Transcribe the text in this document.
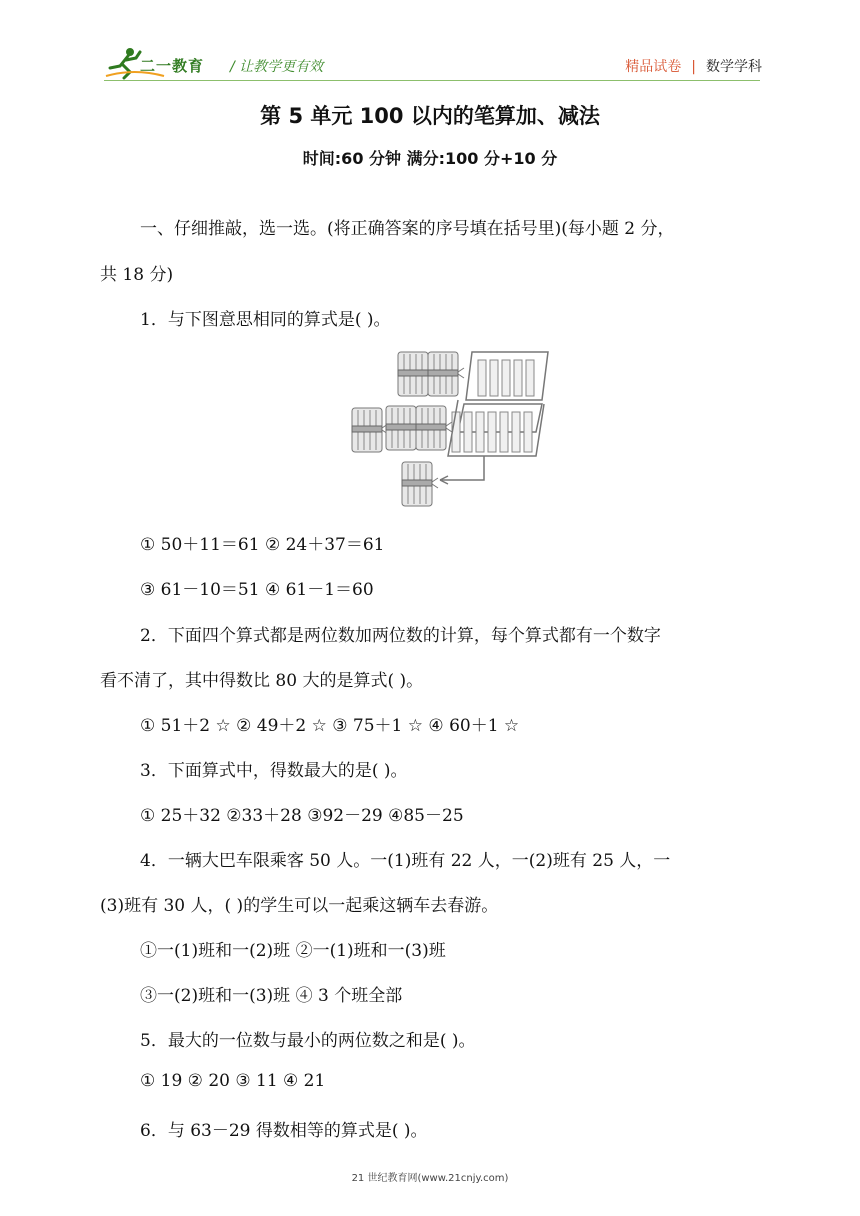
二一教育 / 让教学更有效	精品试卷 | 数学学科
第 5 单元 100 以内的笔算加、减法
时间:60 分钟 满分:100 分+10 分
一、仔细推敲，选一选。(将正确答案的序号填在括号里)(每小题 2 分，
共 18 分)
1．与下图意思相同的算式是( )。
① 50＋11＝61 ② 24＋37＝61
③ 61－10＝51 ④ 61－1＝60
2．下面四个算式都是两位数加两位数的计算，每个算式都有一个数字
看不清了，其中得数比 80 大的是算式( )。
① 51＋2 ☆ ② 49＋2 ☆ ③ 75＋1 ☆ ④ 60＋1 ☆
3．下面算式中，得数最大的是( )。
① 25＋32 ②33＋28 ③92－29 ④85－25
4．一辆大巴车限乘客 50 人。一(1)班有 22 人，一(2)班有 25 人，一
(3)班有 30 人，( )的学生可以一起乘这辆车去春游。
①一(1)班和一(2)班 ②一(1)班和一(3)班
③一(2)班和一(3)班 ④ 3 个班全部
5．最大的一位数与最小的两位数之和是( )。
① 19 ② 20 ③ 11 ④ 21
6．与 63－29 得数相等的算式是( )。
21 世纪教育网(www.21cnjy.com)
